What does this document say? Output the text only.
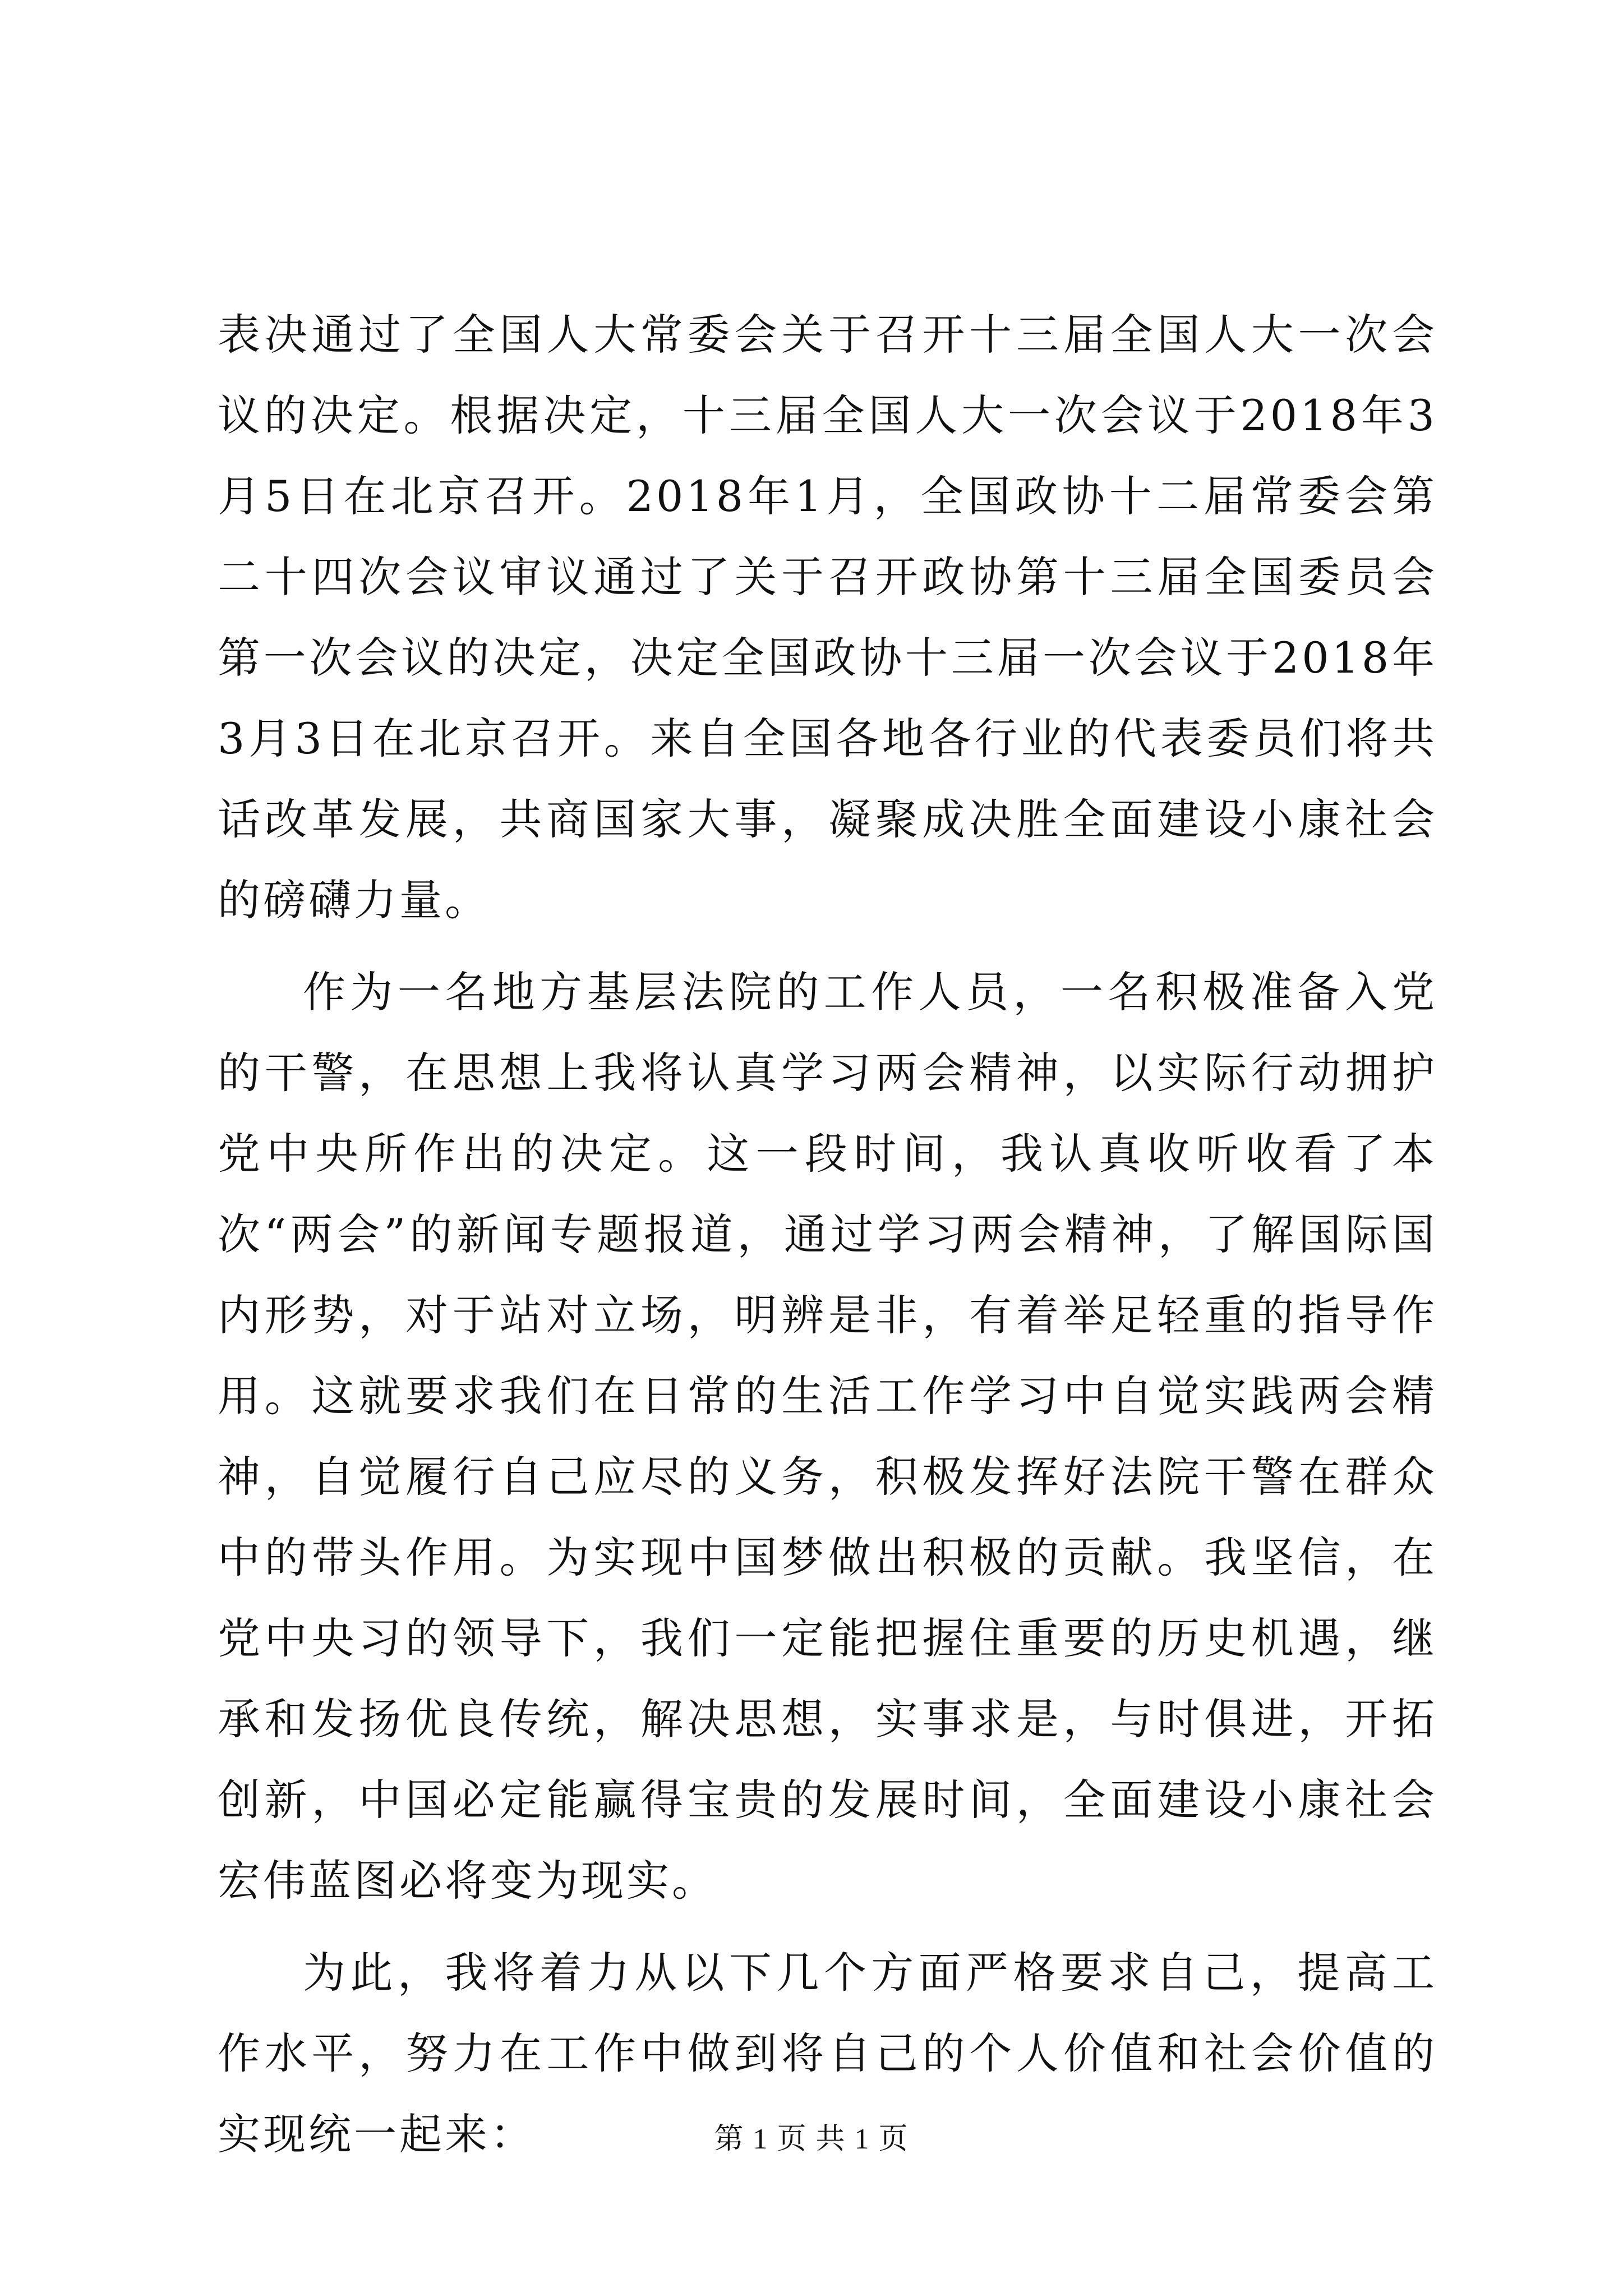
表决通过了全国人大常委会关于召开十三届全国人大一次会议的决定。根据决定，十三届全国人大一次会议于2018年3月5日在北京召开。2018年1月，全国政协十二届常委会第二十四次会议审议通过了关于召开政协第十三届全国委员会第一次会议的决定，决定全国政协十三届一次会议于2018年3月3日在北京召开。来自全国各地各行业的代表委员们将共话改革发展，共商国家大事，凝聚成决胜全面建设小康社会的磅礴力量。

作为一名地方基层法院的工作人员，一名积极准备入党的干警，在思想上我将认真学习两会精神，以实际行动拥护党中央所作出的决定。这一段时间，我认真收听收看了本次“两会”的新闻专题报道，通过学习两会精神，了解国际国内形势，对于站对立场，明辨是非，有着举足轻重的指导作用。这就要求我们在日常的生活工作学习中自觉实践两会精神，自觉履行自己应尽的义务，积极发挥好法院干警在群众中的带头作用。为实现中国梦做出积极的贡献。我坚信，在党中央习的领导下，我们一定能把握住重要的历史机遇，继承和发扬优良传统，解决思想，实事求是，与时俱进，开拓创新，中国必定能赢得宝贵的发展时间，全面建设小康社会宏伟蓝图必将变为现实。

为此，我将着力从以下几个方面严格要求自己，提高工作水平，努力在工作中做到将自己的个人价值和社会价值的实现统一起来：	第 1 页 共 1 页
